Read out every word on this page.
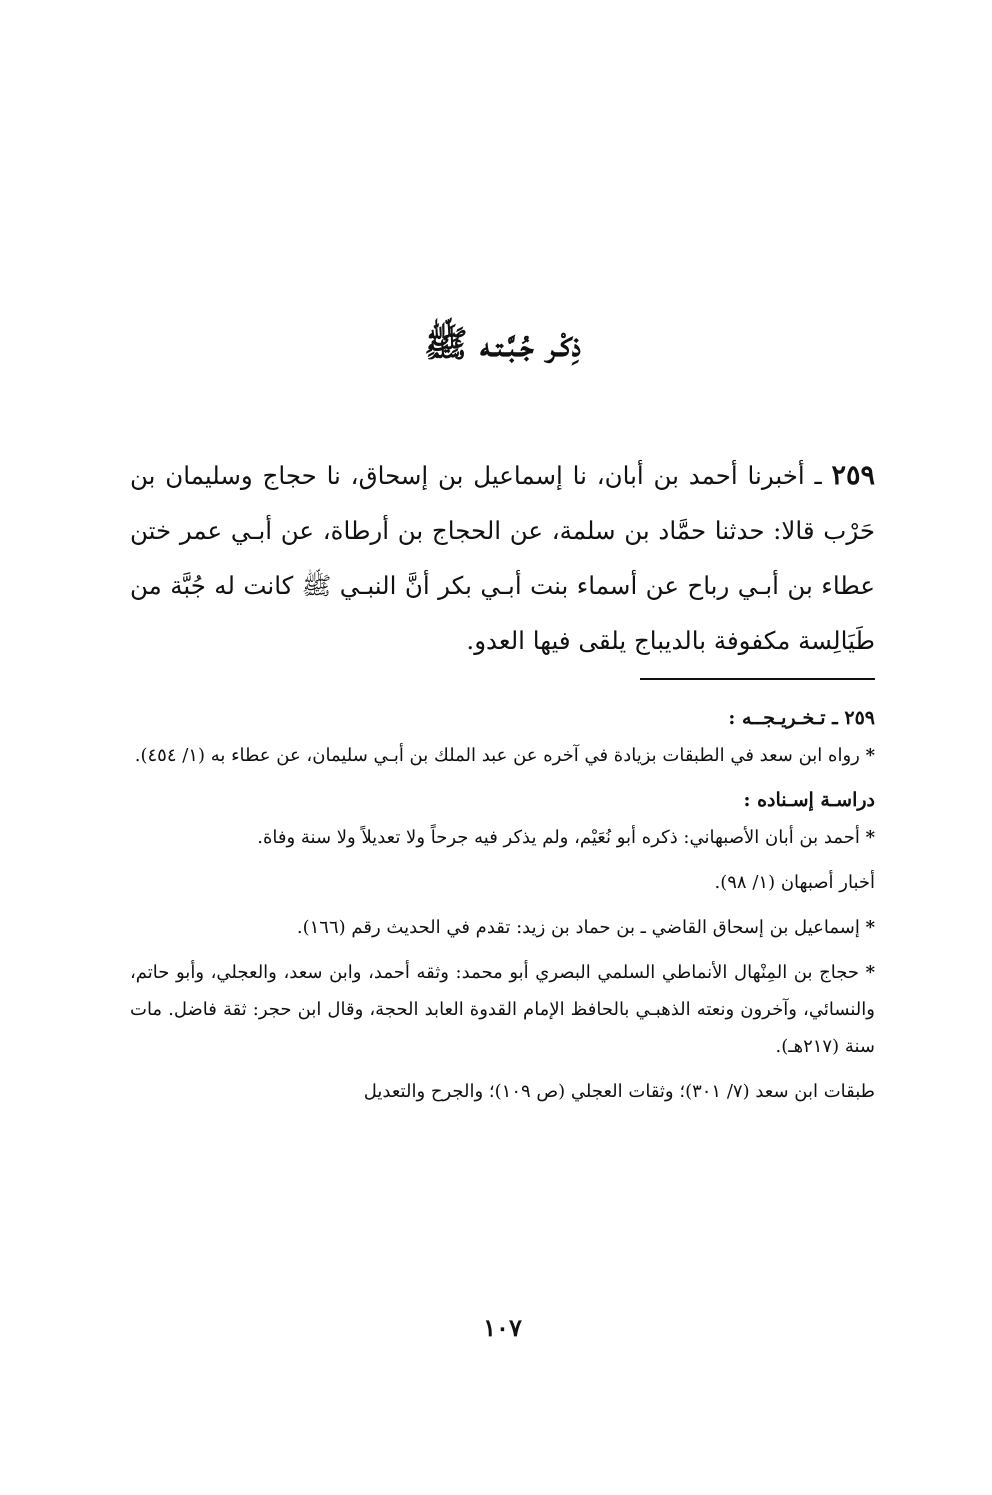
ذِكْـر جُـبَّـتـه ﷺ
٢٥٩ ـ أخبرنا أحمد بن أبان، نا إسماعيل بن إسحاق، نا حجاج وسليمان بن حَرْب قالا: حدثنا حمَّاد بن سلمة، عن الحجاج بن أرطاة، عن أبـي عمر ختن عطاء بن أبـي رباح عن أسماء بنت أبـي بكر أنَّ النبـي ﷺ كانت له جُبَّة من طَيَالِسة مكفوفة بالديباج يلقى فيها العدو.

٢٥٩ ـ تـخـريـجــه :

* رواه ابن سعد في الطبقات بزيادة في آخره عن عبد الملك بن أبـي سليمان، عن عطاء به (١/ ٤٥٤).

دراسـة إسـناده :

* أحمد بن أبان الأصبهاني: ذكره أبو نُعَيْم، ولم يذكر فيه جرحاً ولا تعديلاً ولا سنة وفاة.

أخبار أصبهان (١/ ٩٨).

* إسماعيل بن إسحاق القاضي ـ بن حماد بن زيد: تقدم في الحديث رقم (١٦٦).

* حجاج بن المِنْهال الأنماطي السلمي البصري أبو محمد: وثقه أحمد، وابن سعد، والعجلي، وأبو حاتم، والنسائي، وآخرون ونعته الذهبـي بالحافظ الإمام القدوة العابد الحجة، وقال ابن حجر: ثقة فاضل. مات سنة (٢١٧هـ).

طبقات ابن سعد (٧/ ٣٠١)؛ وثقات العجلي (ص ١٠٩)؛ والجرح والتعديل

١٠٧
